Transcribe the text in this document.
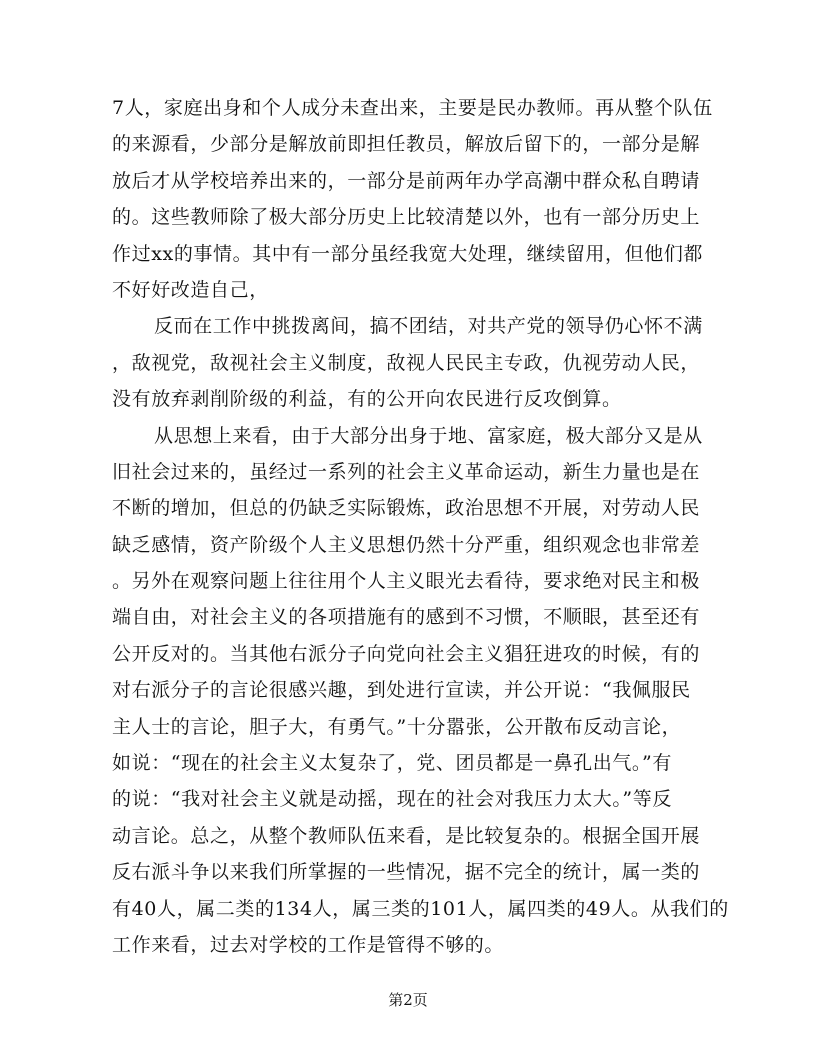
7人，家庭出身和个人成分未查出来，主要是民办教师。再从整个队伍
的来源看，少部分是解放前即担任教员，解放后留下的，一部分是解
放后才从学校培养出来的，一部分是前两年办学高潮中群众私自聘请
的。这些教师除了极大部分历史上比较清楚以外，也有一部分历史上
作过xx的事情。其中有一部分虽经我宽大处理，继续留用，但他们都
不好好改造自己，
反而在工作中挑拨离间，搞不团结，对共产党的领导仍心怀不满
，敌视党，敌视社会主义制度，敌视人民民主专政，仇视劳动人民，
没有放弃剥削阶级的利益，有的公开向农民进行反攻倒算。
从思想上来看，由于大部分出身于地、富家庭，极大部分又是从
旧社会过来的，虽经过一系列的社会主义革命运动，新生力量也是在
不断的增加，但总的仍缺乏实际锻炼，政治思想不开展，对劳动人民
缺乏感情，资产阶级个人主义思想仍然十分严重，组织观念也非常差
。另外在观察问题上往往用个人主义眼光去看待，要求绝对民主和极
端自由，对社会主义的各项措施有的感到不习惯，不顺眼，甚至还有
公开反对的。当其他右派分子向党向社会主义猖狂进攻的时候，有的
对右派分子的言论很感兴趣，到处进行宣读，并公开说：“我佩服民
主人士的言论，胆子大，有勇气。”十分嚣张，公开散布反动言论，
如说：“现在的社会主义太复杂了，党、团员都是一鼻孔出气。”有
的说：“我对社会主义就是动摇，现在的社会对我压力太大。”等反
动言论。总之，从整个教师队伍来看，是比较复杂的。根据全国开展
反右派斗争以来我们所掌握的一些情况，据不完全的统计，属一类的
有40人，属二类的134人，属三类的101人，属四类的49人。从我们的
工作来看，过去对学校的工作是管得不够的。
第2页
